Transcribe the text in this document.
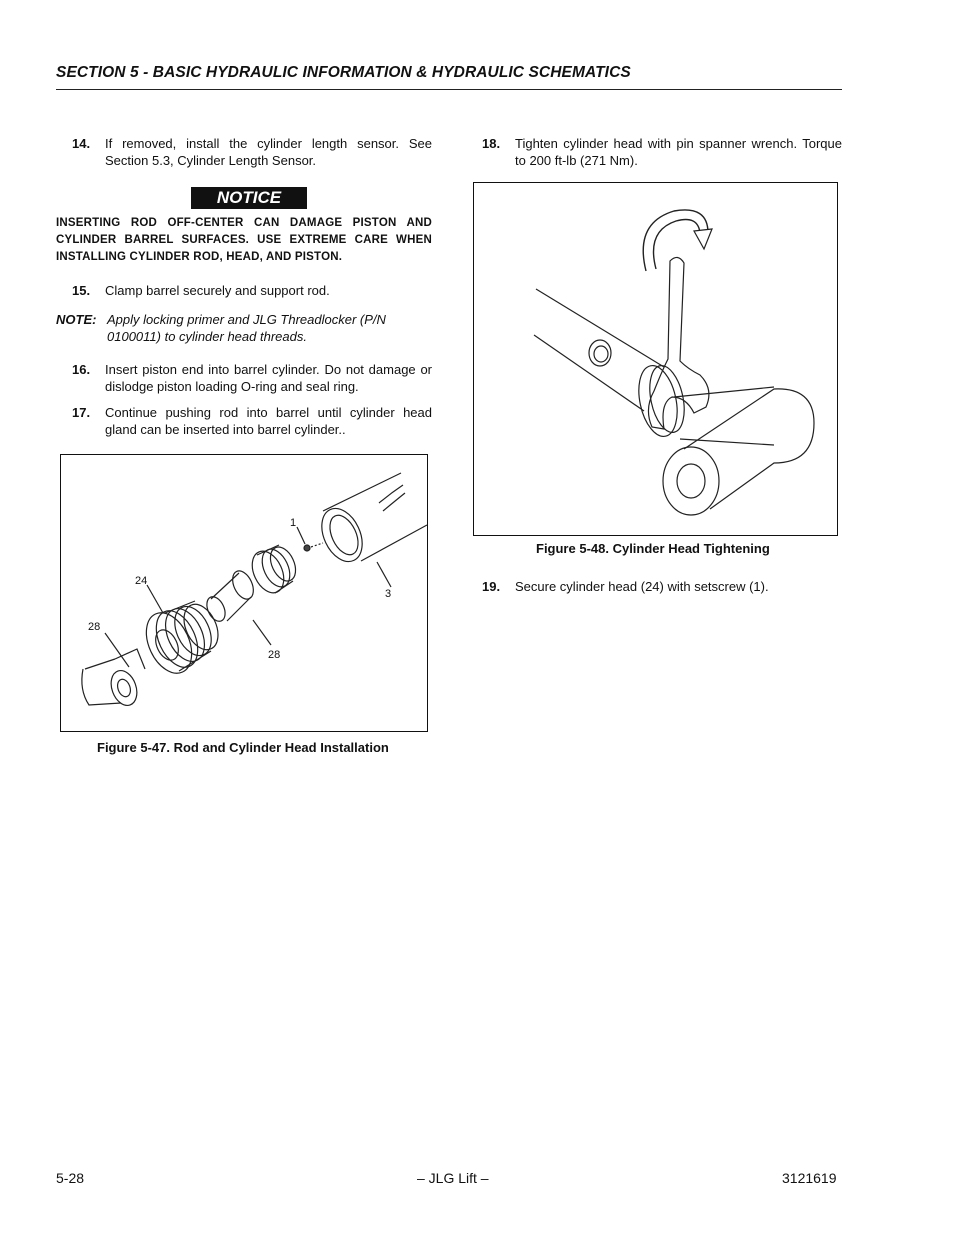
SECTION 5 - BASIC HYDRAULIC INFORMATION & HYDRAULIC SCHEMATICS
14. If removed, install the cylinder length sensor. See Section 5.3, Cylinder Length Sensor.
NOTICE
INSERTING ROD OFF-CENTER CAN DAMAGE PISTON AND CYLINDER BARREL SURFACES. USE EXTREME CARE WHEN INSTALLING CYLINDER ROD, HEAD, AND PISTON.
15. Clamp barrel securely and support rod.
NOTE: Apply locking primer and JLG Threadlocker (P/N 0100011) to cylinder head threads.
16. Insert piston end into barrel cylinder. Do not damage or dislodge piston loading O-ring and seal ring.
17. Continue pushing rod into barrel until cylinder head gland can be inserted into barrel cylinder..
18. Tighten cylinder head with pin spanner wrench. Torque to 200 ft-lb (271 Nm).
1
3
24
28
28
Figure 5-47. Rod and Cylinder Head Installation
Figure 5-48. Cylinder Head Tightening
19. Secure cylinder head (24) with setscrew (1).
5-28	– JLG Lift –	3121619
